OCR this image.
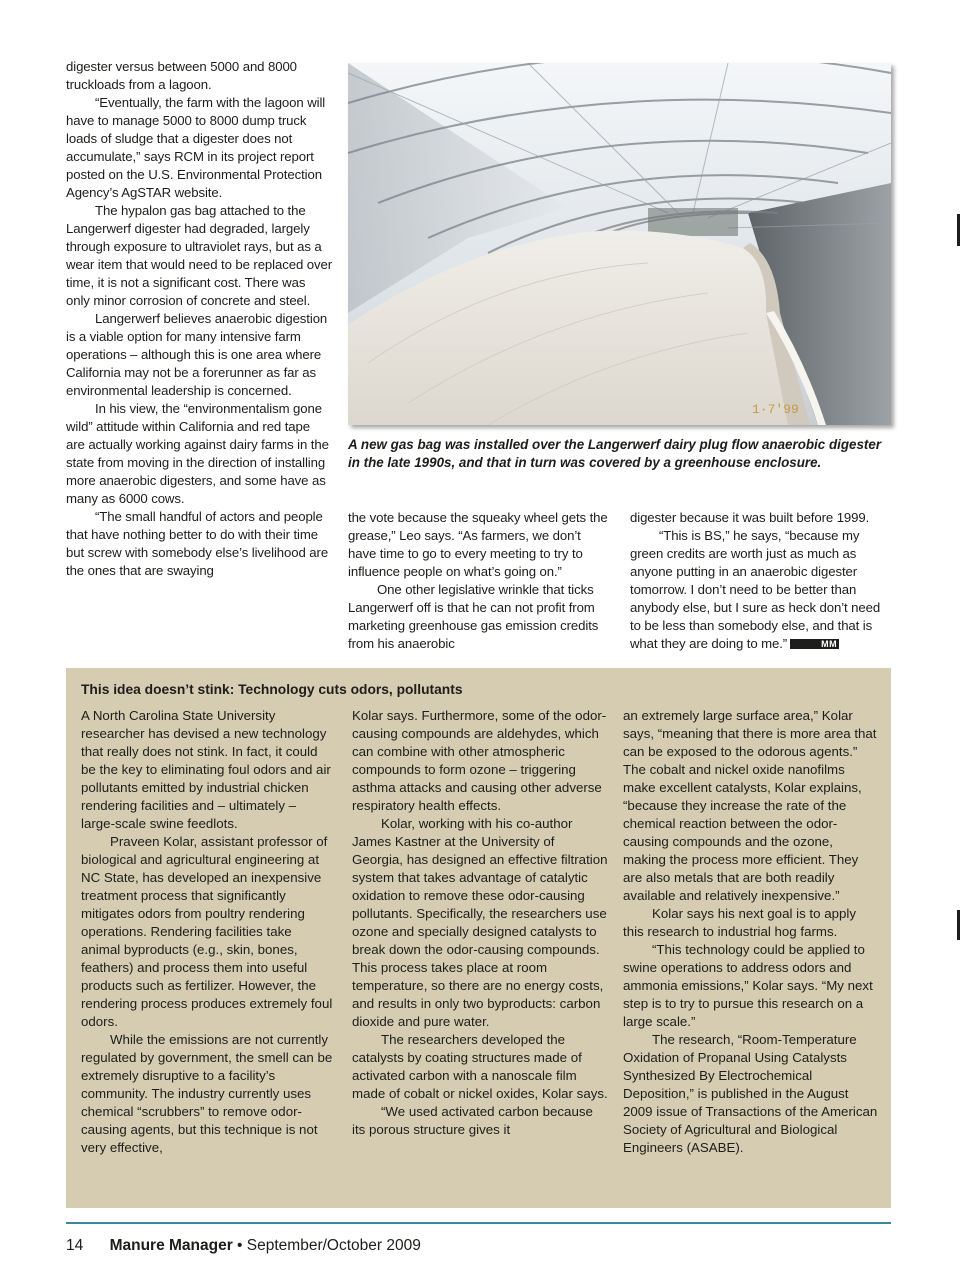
digester versus between 5000 and 8000 truckloads from a lagoon.

“Eventually, the farm with the lagoon will have to manage 5000 to 8000 dump truck loads of sludge that a digester does not accumulate,” says RCM in its project report posted on the U.S. Environmental Protection Agency’s AgSTAR website.

The hypalon gas bag attached to the Langerwerf digester had degraded, largely through exposure to ultraviolet rays, but as a wear item that would need to be replaced over time, it is not a significant cost. There was only minor corrosion of concrete and steel.

Langerwerf believes anaerobic digestion is a viable option for many intensive farm operations – although this is one area where California may not be a forerunner as far as environmental leadership is concerned.

In his view, the “environmentalism gone wild” attitude within California and red tape are actually working against dairy farms in the state from moving in the direction of installing more anaerobic digesters, and some have as many as 6000 cows.

“The small handful of actors and people that have nothing better to do with their time but screw with somebody else’s livelihood are the ones that are swaying

1·7'99
A new gas bag was installed over the Langerwerf dairy plug flow anaerobic digester in the late 1990s, and that in turn was covered by a greenhouse enclosure.

the vote because the squeaky wheel gets the grease,” Leo says. “As farmers, we don’t have time to go to every meeting to try to influence people on what’s going on.”

One other legislative wrinkle that ticks Langerwerf off is that he can not profit from marketing greenhouse gas emission credits from his anaerobic

digester because it was built before 1999.

“This is BS,” he says, “because my green credits are worth just as much as anyone putting in an anaerobic digester tomorrow. I don’t need to be better than anybody else, but I sure as heck don’t need to be less than somebody else, and that is what they are doing to me.”	MM

This idea doesn’t stink: Technology cuts odors, pollutants

A North Carolina State University researcher has devised a new technology that really does not stink. In fact, it could be the key to eliminating foul odors and air pollutants emitted by industrial chicken rendering facilities and – ultimately – large-scale swine feedlots.

Praveen Kolar, assistant professor of biological and agricultural engineering at NC State, has developed an inexpensive treatment process that significantly mitigates odors from poultry rendering operations. Rendering facilities take animal byproducts (e.g., skin, bones, feathers) and process them into useful products such as fertilizer. However, the rendering process produces extremely foul odors.

While the emissions are not currently regulated by government, the smell can be extremely disruptive to a facility’s community. The industry currently uses chemical “scrubbers” to remove odor-causing agents, but this technique is not very effective,

Kolar says. Furthermore, some of the odor-causing compounds are aldehydes, which can combine with other atmospheric compounds to form ozone – triggering asthma attacks and causing other adverse respiratory health effects.

Kolar, working with his co-author James Kastner at the University of Georgia, has designed an effective filtration system that takes advantage of catalytic oxidation to remove these odor-causing pollutants. Specifically, the researchers use ozone and specially designed catalysts to break down the odor-causing compounds. This process takes place at room temperature, so there are no energy costs, and results in only two byproducts: carbon dioxide and pure water.

The researchers developed the catalysts by coating structures made of activated carbon with a nanoscale film made of cobalt or nickel oxides, Kolar says.

“We used activated carbon because its porous structure gives it

an extremely large surface area,” Kolar says, “meaning that there is more area that can be exposed to the odorous agents.” The cobalt and nickel oxide nanofilms make excellent catalysts, Kolar explains, “because they increase the rate of the chemical reaction between the odor-causing compounds and the ozone, making the process more efficient. They are also metals that are both readily available and relatively inexpensive.”

Kolar says his next goal is to apply this research to industrial hog farms.

“This technology could be applied to swine operations to address odors and ammonia emissions,” Kolar says. “My next step is to try to pursue this research on a large scale.”

The research, “Room-Temperature Oxidation of Propanal Using Catalysts Synthesized By Electrochemical Deposition,” is published in the August 2009 issue of Transactions of the American Society of Agricultural and Biological Engineers (ASABE).

14 Manure Manager • September/October 2009
